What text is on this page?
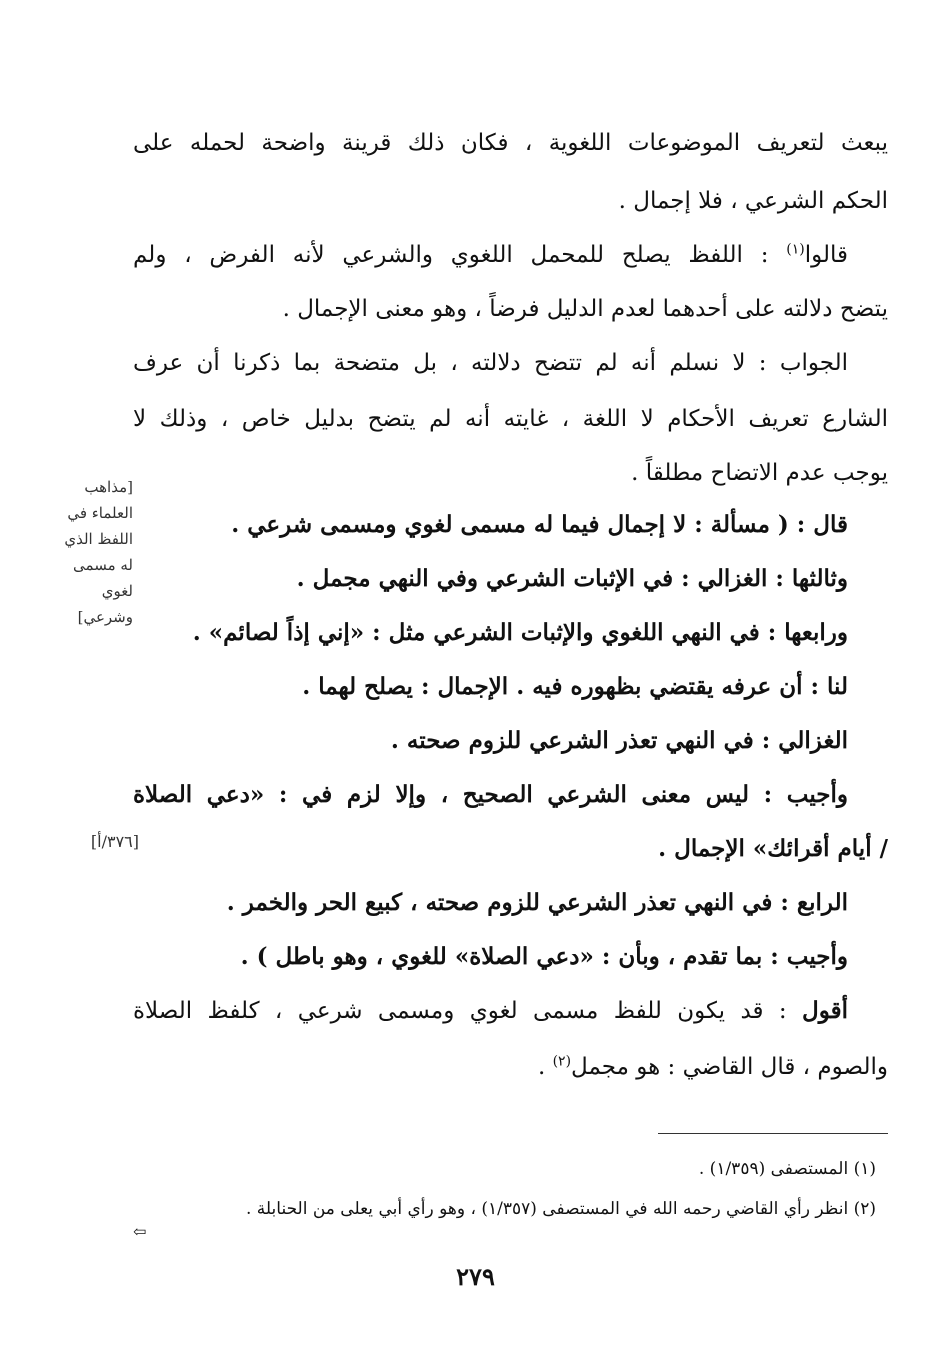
يبعث لتعريف الموضوعات اللغوية ، فكان ذلك قرينة واضحة لحمله على
الحكم الشرعي ، فلا إجمال .
قالوا$^{(١)}$ : اللفظ يصلح للمحمل اللغوي والشرعي لأنه الفرض ، ولم
يتضح دلالته على أحدهما لعدم الدليل فرضاً ، وهو معنى الإجمال .
الجواب : لا نسلم أنه لم تتضح دلالته ، بل متضحة بما ذكرنا أن عرف
الشارع تعريف الأحكام لا اللغة ، غايته أنه لم يتضح بدليل خاص ، وذلك لا
يوجب عدم الاتضاح مطلقاً .
قال : ( مسألة : لا إجمال فيما له مسمى لغوي ومسمى شرعي .
وثالثها : الغزالي : في الإثبات الشرعي وفي النهي مجمل .
ورابعها : في النهي اللغوي والإثبات الشرعي مثل : «إني إذاً لصائم» .
لنا : أن عرفه يقتضي بظهوره فيه . الإجمال : يصلح لهما .
الغزالي : في النهي تعذر الشرعي للزوم صحته .
وأجيب : ليس معنى الشرعي الصحيح ، وإلا لزم في : «دعي الصلاة
/ أيام أقرائك» الإجمال .
الرابع : في النهي تعذر الشرعي للزوم صحته ، كبيع الحر والخمر .
وأجيب : بما تقدم ، وبأن : «دعي الصلاة» للغوي ، وهو باطل ) .
أقول : قد يكون للفظ مسمى لغوي ومسمى شرعي ، كلفظ الصلاة
والصوم ، قال القاضي : هو مجمل$^{(٢)}$ .
[مذاهب
العلماء في
اللفظ الذي
له مسمى
لغوي
وشرعي]
[٣٧٦/أ]
(١) المستصفى (١/٣٥٩) .
(٢) انظر رأي القاضي رحمه الله في المستصفى (١/٣٥٧) ، وهو رأي أبي يعلى من الحنابلة .
⇦
٢٧٩
